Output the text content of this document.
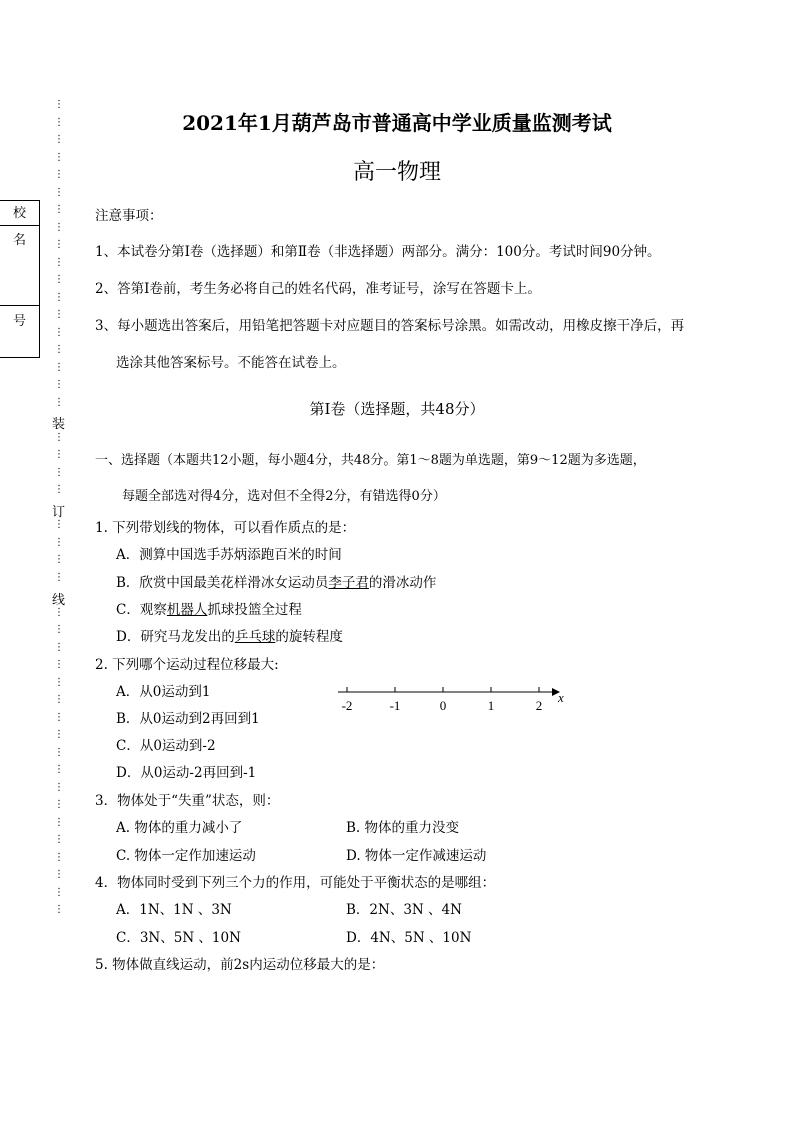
校
名
号
⋮
⋮
⋮
⋮
⋮
⋮
⋮
⋮
⋮
⋮
⋮
⋮
⋮
⋮
⋮
⋮
⋮
⋮
⋮
⋮
⋮
⋮
⋮
⋮
⋮
⋮
⋮
⋮
⋮
⋮
⋮
⋮
⋮
⋮
⋮
⋮
⋮
⋮
⋮
⋮
⋮
⋮
⋮
⋮
装
订
线
2021年1月葫芦岛市普通高中学业质量监测考试
高一物理
注意事项：
1、本试卷分第Ⅰ卷（选择题）和第Ⅱ卷（非选择题）两部分。满分：100分。考试时间90分钟。
2、答第Ⅰ卷前，考生务必将自己的姓名代码，准考证号，涂写在答题卡上。
3、每小题选出答案后，用铅笔把答题卡对应题目的答案标号涂黑。如需改动，用橡皮擦干净后，再
选涂其他答案标号。不能答在试卷上。
第Ⅰ卷（选择题，共48分）
一、选择题（本题共12小题，每小题4分，共48分。第1～8题为单选题，第9～12题为多选题，
每题全部选对得4分，选对但不全得2分，有错选得0分）
1. 下列带划线的物体，可以看作质点的是：
A．测算中国选手苏炳添跑百米的时间
B．欣赏中国最美花样滑冰女运动员李子君的滑冰动作
C．观察机器人抓球投篮全过程
D．研究马龙发出的乒乓球的旋转程度
2. 下列哪个运动过程位移最大:
A．从0运动到1
B．从0运动到2再回到1
C．从0运动到-2
D．从0运动-2再回到-1
-2	-1	0	1	2
x
3．物体处于“失重”状态，则：
A. 物体的重力减小了	B. 物体的重力没变
C. 物体一定作加速运动	D. 物体一定作减速运动
4．物体同时受到下列三个力的作用，可能处于平衡状态的是哪组：
A．1N、1N 、3N	B．2N、3N 、4N
C．3N、5N 、10N	D．4N、5N 、10N
5. 物体做直线运动，前2s内运动位移最大的是：
